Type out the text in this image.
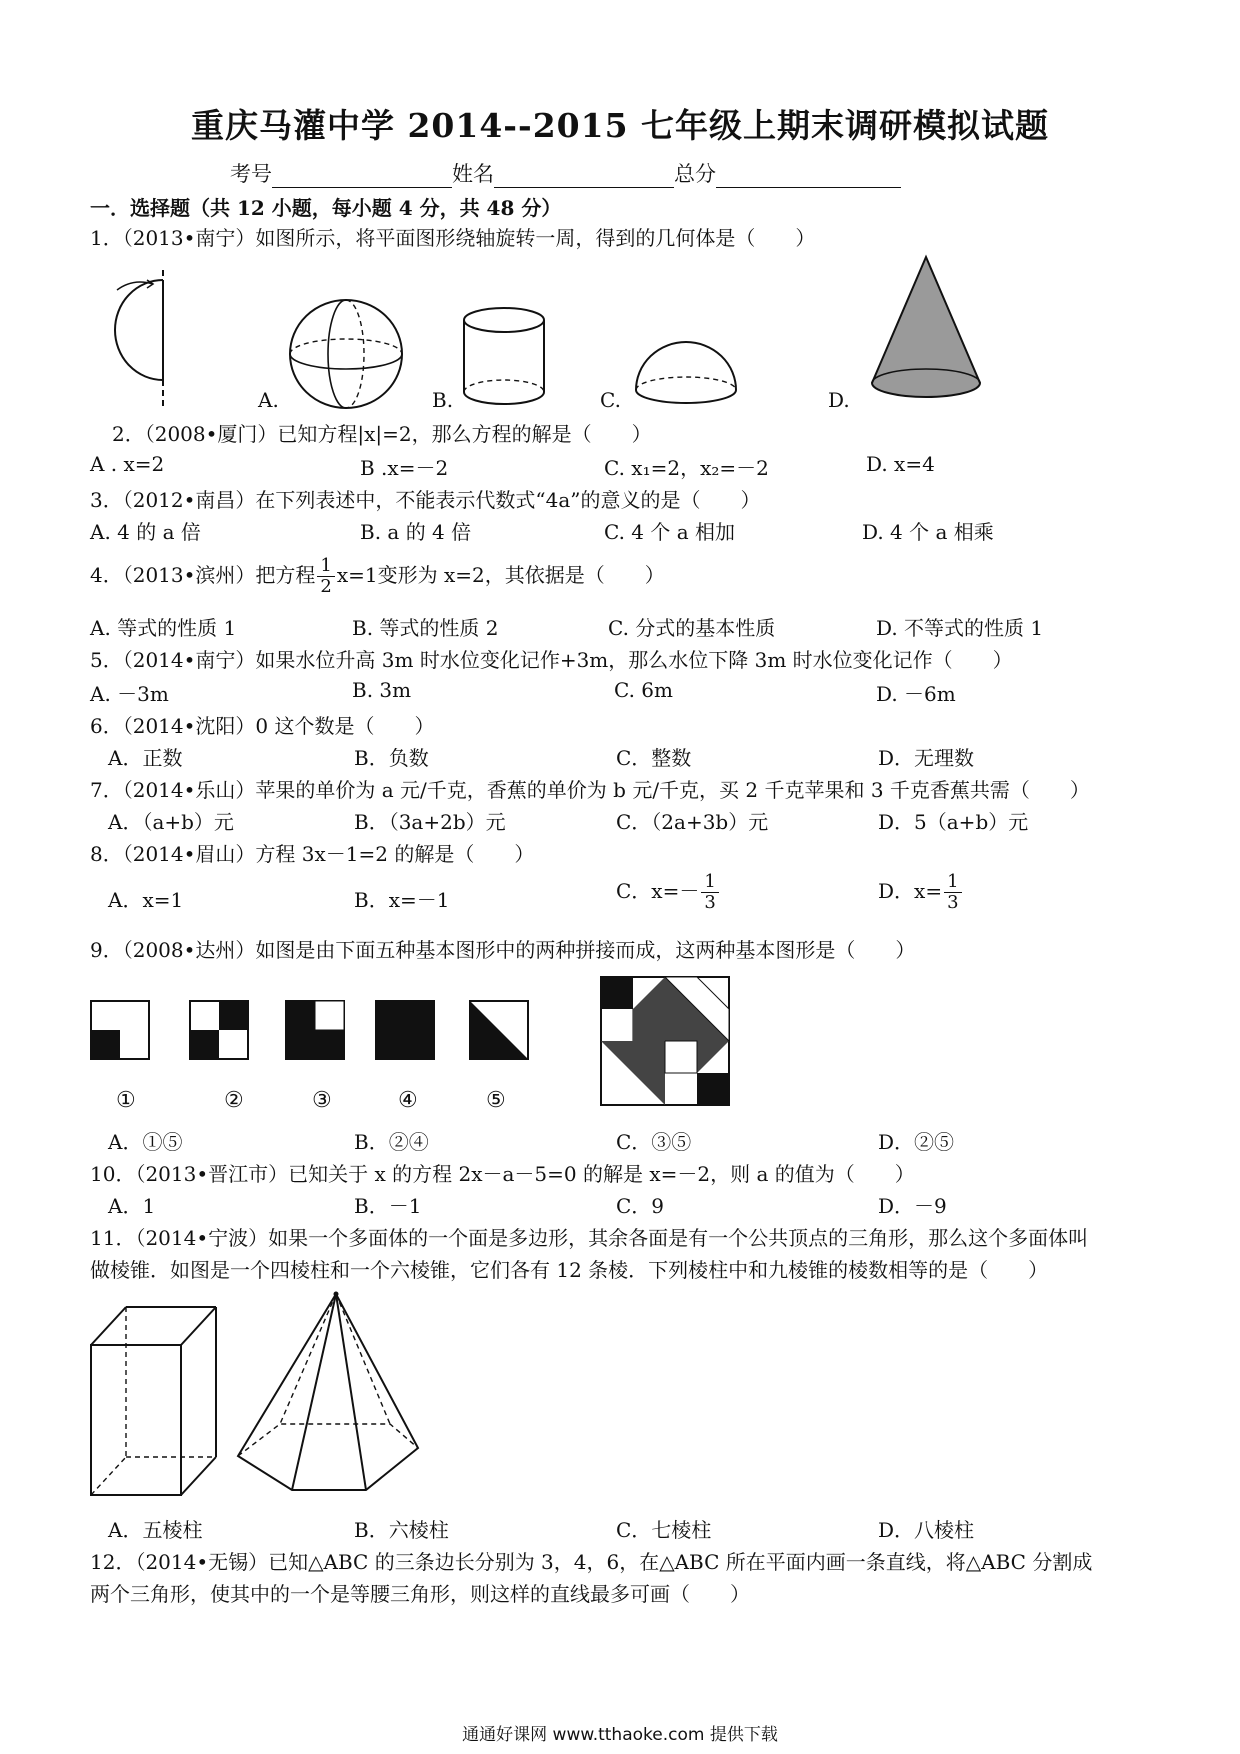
重庆马灌中学 2014--2015 七年级上期末调研模拟试题
考号	姓名	总分
一．选择题（共 12 小题，每小题 4 分，共 48 分）
1．（2013•南宁）如图所示，将平面图形绕轴旋转一周，得到的几何体是（　　）
A.	B.	C.	D.
2．（2008•厦门）已知方程|x|=2，那么方程的解是（　　）
A . x=2	B .x=－2	C. x₁=2，x₂=－2	D. x=4
3．（2012•南昌）在下列表述中，不能表示代数式“4a”的意义的是（　　）
A. 4 的 a 倍	B. a 的 4 倍	C. 4 个 a 相加	D. 4 个 a 相乘
4．（2013•滨州）把方程 $\frac{1}{2} x=1$变形为 x=2，其依据是（　　）
A. 等式的性质 1	B. 等式的性质 2	C. 分式的基本性质	D. 不等式的性质 1
5．（2014•南宁）如果水位升高 3m 时水位变化记作+3m，那么水位下降 3m 时水位变化记作（　　）
A. －3m	B. 3m	C. 6m	D. －6m
6．（2014•沈阳）0 这个数是（　　）
A．正数	B．负数	C．整数	D．无理数
7．（2014•乐山）苹果的单价为 a 元/千克，香蕉的单价为 b 元/千克，买 2 千克苹果和 3 千克香蕉共需（　　）
A．（a+b）元	B．（3a+2b）元	C．（2a+3b）元	D．5（a+b）元
8．（2014•眉山）方程 3x－1=2 的解是（　　）
A．x=1	B．x=－1	C．$x=- \frac{1}{3}$	D．$x= \frac{1}{3}$
9．（2008•达州）如图是由下面五种基本图形中的两种拼接而成，这两种基本图形是（　　）
①	②	③	④	⑤
A．①⑤	B．②④	C．③⑤	D．②⑤
10．（2013•晋江市）已知关于 x 的方程 2x－a－5=0 的解是 x=－2，则 a 的值为（　　）
A．1	B．－1	C．9	D．－9
11．（2014•宁波）如果一个多面体的一个面是多边形，其余各面是有一个公共顶点的三角形，那么这个多面体叫
做棱锥．如图是一个四棱柱和一个六棱锥，它们各有 12 条棱．下列棱柱中和九棱锥的棱数相等的是（　　）
A．五棱柱	B．六棱柱	C．七棱柱	D．八棱柱
12．（2014•无锡）已知△ABC 的三条边长分别为 3，4，6，在△ABC 所在平面内画一条直线，将△ABC 分割成
两个三角形，使其中的一个是等腰三角形，则这样的直线最多可画（　　）
通通好课网 www.tthaoke.com 提供下载
